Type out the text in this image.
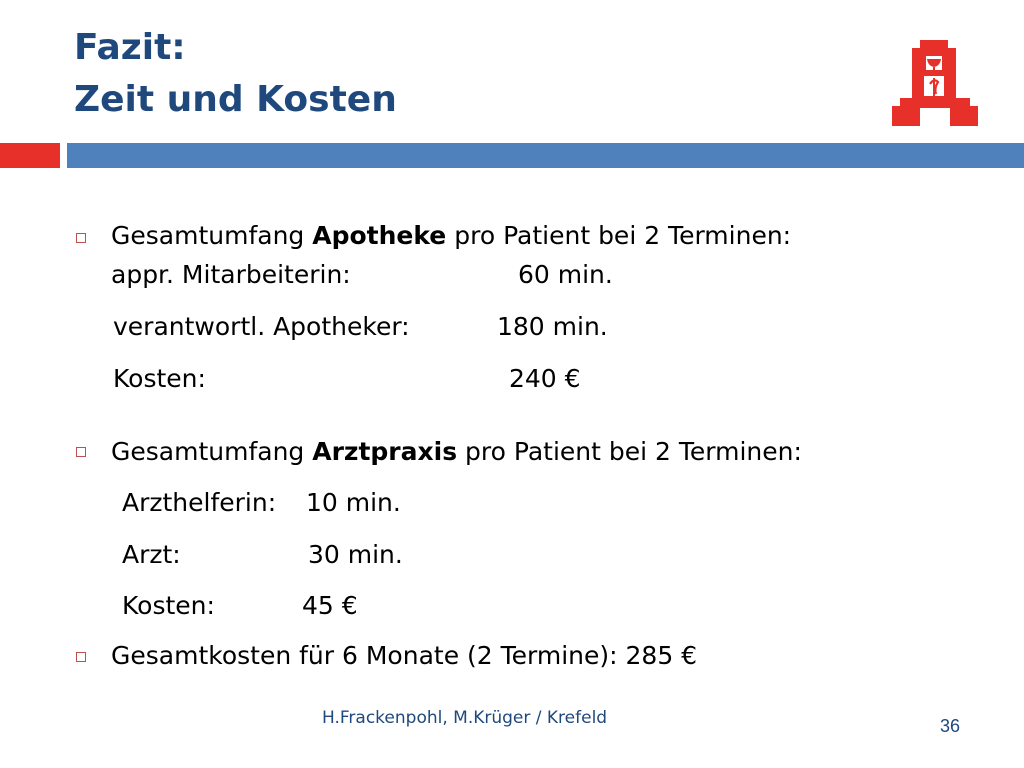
Fazit:
Zeit und Kosten

Gesamtumfang Apotheke pro Patient bei 2 Terminen:

appr. Mitarbeiterin:	60 min.

verantwortl. Apotheker:	180 min.

Kosten:	240 €

Gesamtumfang Arztpraxis pro Patient bei 2 Terminen:

Arzthelferin: 10 min.

Arzt:	30 min.

Kosten:	45 €

Gesamtkosten für 6 Monate (2 Termine): 285 €

H.Frackenpohl, M.Krüger / Krefeld	36
